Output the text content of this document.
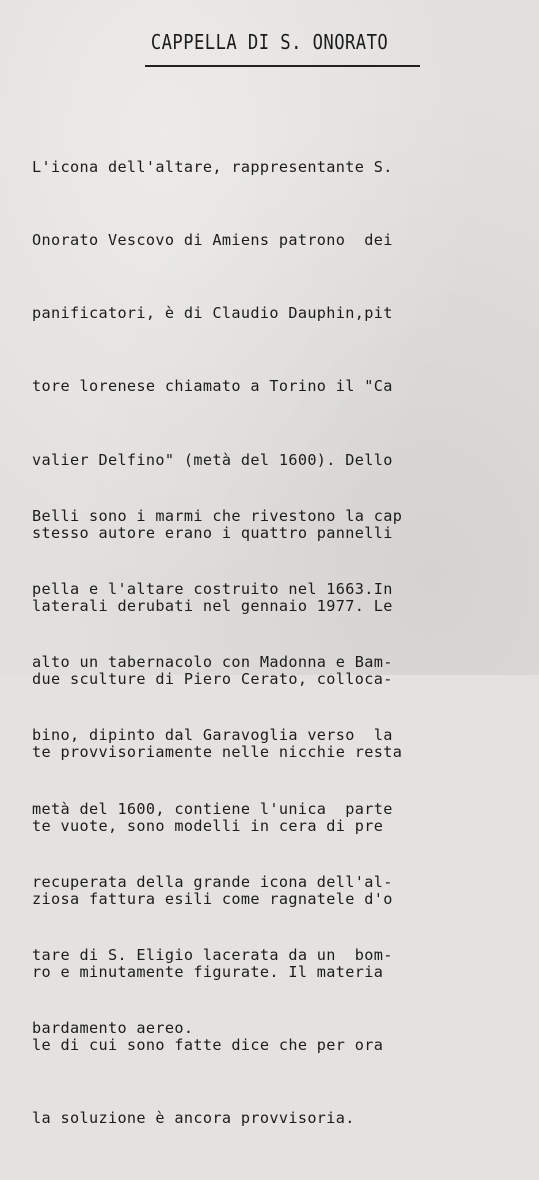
CAPPELLA DI S. ONORATO

L'icona dell'altare, rappresentante S.

Onorato Vescovo di Amiens patrono  dei

panificatori, è di Claudio Dauphin,pit

tore lorenese chiamato a Torino il "Ca

valier Delfino" (metà del 1600). Dello

stesso autore erano i quattro pannelli

laterali derubati nel gennaio 1977. Le

due sculture di Piero Cerato, colloca-

te provvisoriamente nelle nicchie resta

te vuote, sono modelli in cera di pre

ziosa fattura esili come ragnatele d'o

ro e minutamente figurate. Il materia

le di cui sono fatte dice che per ora

la soluzione è ancora provvisoria.

Belli sono i marmi che rivestono la cap

pella e l'altare costruito nel 1663.In

alto un tabernacolo con Madonna e Bam-

bino, dipinto dal Garavoglia verso  la

metà del 1600, contiene l'unica  parte

recuperata della grande icona dell'al-

tare di S. Eligio lacerata da un  bom-

bardamento aereo.
